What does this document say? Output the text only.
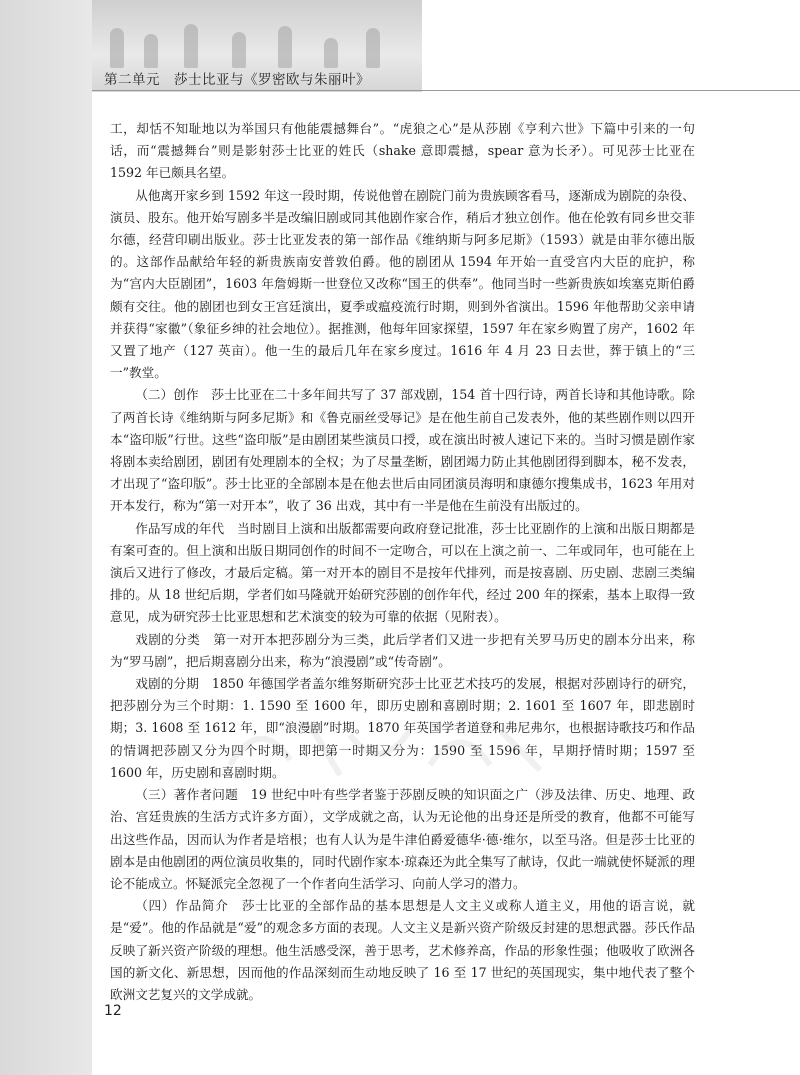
第二单元　莎士比亚与《罗密欧与朱丽叶》

工，却恬不知耻地以为举国只有他能震撼舞台”。“虎狼之心”是从莎剧《亨利六世》下篇中引来的一句话，而“震撼舞台”则是影射莎士比亚的姓氏（shake 意即震撼，spear 意为长矛）。可见莎士比亚在1592 年已颇具名望。

从他离开家乡到 1592 年这一段时期，传说他曾在剧院门前为贵族顾客看马，逐渐成为剧院的杂役、演员、股东。他开始写剧多半是改编旧剧或同其他剧作家合作，稍后才独立创作。他在伦敦有同乡世交菲尔德，经营印刷出版业。莎士比亚发表的第一部作品《维纳斯与阿多尼斯》（1593）就是由菲尔德出版的。这部作品献给年轻的新贵族南安普敦伯爵。他的剧团从 1594 年开始一直受宫内大臣的庇护，称为“宫内大臣剧团”，1603 年詹姆斯一世登位又改称“国王的供奉”。他同当时一些新贵族如埃塞克斯伯爵颇有交往。他的剧团也到女王宫廷演出，夏季或瘟疫流行时期，则到外省演出。1596 年他帮助父亲申请并获得“家徽”（象征乡绅的社会地位）。据推测，他每年回家探望，1597 年在家乡购置了房产，1602 年又置了地产（127 英亩）。他一生的最后几年在家乡度过。1616 年 4 月 23 日去世，葬于镇上的“三一”教堂。

（二）创作　莎士比亚在二十多年间共写了 37 部戏剧，154 首十四行诗，两首长诗和其他诗歌。除了两首长诗《维纳斯与阿多尼斯》和《鲁克丽丝受辱记》是在他生前自己发表外，他的某些剧作则以四开本“盗印版”行世。这些“盗印版”是由剧团某些演员口授，或在演出时被人速记下来的。当时习惯是剧作家将剧本卖给剧团，剧团有处理剧本的全权；为了尽量垄断，剧团竭力防止其他剧团得到脚本，秘不发表，才出现了“盗印版”。莎士比亚的全部剧本是在他去世后由同团演员海明和康德尔搜集成书，1623 年用对开本发行，称为“第一对开本”，收了 36 出戏，其中有一半是他在生前没有出版过的。

作品写成的年代　当时剧目上演和出版都需要向政府登记批准，莎士比亚剧作的上演和出版日期都是有案可查的。但上演和出版日期同创作的时间不一定吻合，可以在上演之前一、二年或同年，也可能在上演后又进行了修改，才最后定稿。第一对开本的剧目不是按年代排列，而是按喜剧、历史剧、悲剧三类编排的。从 18 世纪后期，学者们如马隆就开始研究莎剧的创作年代，经过 200 年的探索，基本上取得一致意见，成为研究莎士比亚思想和艺术演变的较为可靠的依据（见附表）。

戏剧的分类　第一对开本把莎剧分为三类，此后学者们又进一步把有关罗马历史的剧本分出来，称为“罗马剧”，把后期喜剧分出来，称为“浪漫剧”或“传奇剧”。

戏剧的分期　1850 年德国学者盖尔维努斯研究莎士比亚艺术技巧的发展，根据对莎剧诗行的研究，把莎剧分为三个时期：1. 1590 至 1600 年，即历史剧和喜剧时期；2. 1601 至 1607 年，即悲剧时期；3. 1608 至 1612 年，即“浪漫剧”时期。1870 年英国学者道登和弗尼弗尔，也根据诗歌技巧和作品的情调把莎剧又分为四个时期，即把第一时期又分为：1590 至 1596 年，早期抒情时期；1597 至 1600 年，历史剧和喜剧时期。

（三）著作者问题　19 世纪中叶有些学者鉴于莎剧反映的知识面之广（涉及法律、历史、地理、政治、宫廷贵族的生活方式许多方面），文学成就之高，认为无论他的出身还是所受的教育，他都不可能写出这些作品，因而认为作者是培根；也有人认为是牛津伯爵爱德华·德·维尔，以至马洛。但是莎士比亚的剧本是由他剧团的两位演员收集的，同时代剧作家本·琼森还为此全集写了献诗，仅此一端就使怀疑派的理论不能成立。怀疑派完全忽视了一个作者向生活学习、向前人学习的潜力。

（四）作品简介　莎士比亚的全部作品的基本思想是人文主义或称人道主义，用他的语言说，就是“爱”。他的作品就是“爱”的观念多方面的表现。人文主义是新兴资产阶级反封建的思想武器。莎氏作品反映了新兴资产阶级的理想。他生活感受深，善于思考，艺术修养高，作品的形象性强；他吸收了欧洲各国的新文化、新思想，因而他的作品深刻而生动地反映了 16 至 17 世纪的英国现实，集中地代表了整个欧洲文艺复兴的文学成就。

12
